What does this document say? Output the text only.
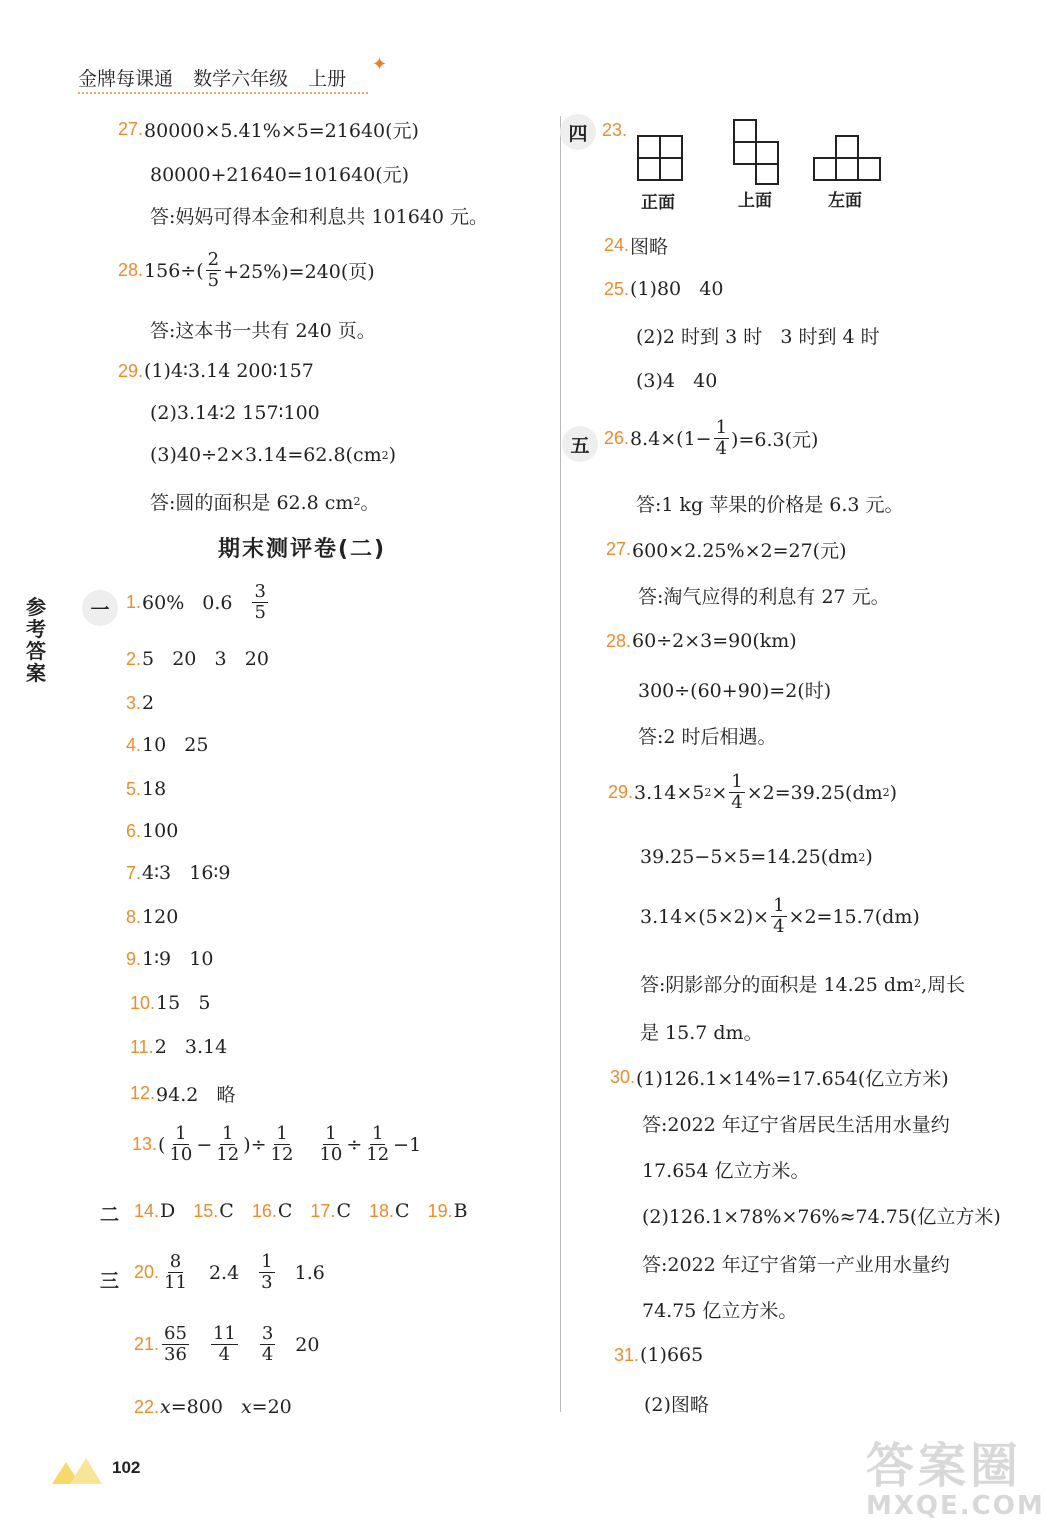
金牌每课通 数学六年级 上册
✦
参考答案
27. 80000×5.41%×5=21640(元)
80000+21640=101640(元)
答:妈妈可得本金和利息共 101640 元。
28. $156\div( \frac{2}{5} +25\%)=240$(页)
答:这本书一共有 240 页。
29. (1)4∶3.14 200∶157
(2)3.14∶2 157∶100
(3)40÷2×3.14=62.8(cm 2 )
答:圆的面积是 62.8 cm 2 。
期末测评卷(二)
一 1. 60% $0.6 \frac{3}{5}$
2. 5   20   3   20
3. 2
4. 10   25
5. 18
6. 100
7. 4∶3   16∶9
8. 120
9. 1∶9   10
10. 15   5
11. 2   3.14
12. 94.2   略
13. ( $\frac{1}{10} - \frac{1}{12}$ )÷ $\frac{1}{12} \frac{1}{10} \div \frac{1}{12} -1$
二 14. D 15. C 16. C 17. C 18. C 19. B
三 20. $\frac{8}{11} 2.4 \frac{1}{3} 1.6$
21. $\frac{65}{36} \frac{11}{4} \frac{3}{4} 20$
22. x =800 x =20
四 23.
正面	上面	左面
24. 图略
25. (1)80   40
(2)2 时到 3 时   3 时到 4 时
(3)4   40
五 26. $8.4\times(1- \frac{1}{4} )=6.3$(元)
答:1 kg 苹果的价格是 6.3 元。
27. 600×2.25%×2=27(元)
答:淘气应得的利息有 27 元。
28. 60÷2×3=90(km)
300÷(60+90)=2(时)
答:2 时后相遇。
29. 3.14×5 $2 \times \frac{1}{4} \times 2=39.25(dm$ 2 )
39.25−5×5=14.25(dm 2 )
$3.14\times(5\times 2)\times \frac{1}{4} \times 2=15.7(dm)$
答:阴影部分的面积是 14.25 dm 2 ,周长
是 15.7 dm。
30. (1)126.1×14%=17.654(亿立方米)
答:2022 年辽宁省居民生活用水量约
17.654 亿立方米。
(2)126.1×78%×76%≈74.75(亿立方米)
答:2022 年辽宁省第一产业用水量约
74.75 亿立方米。
31. (1)665
(2)图略
102	答案圈
MXQE.COM
